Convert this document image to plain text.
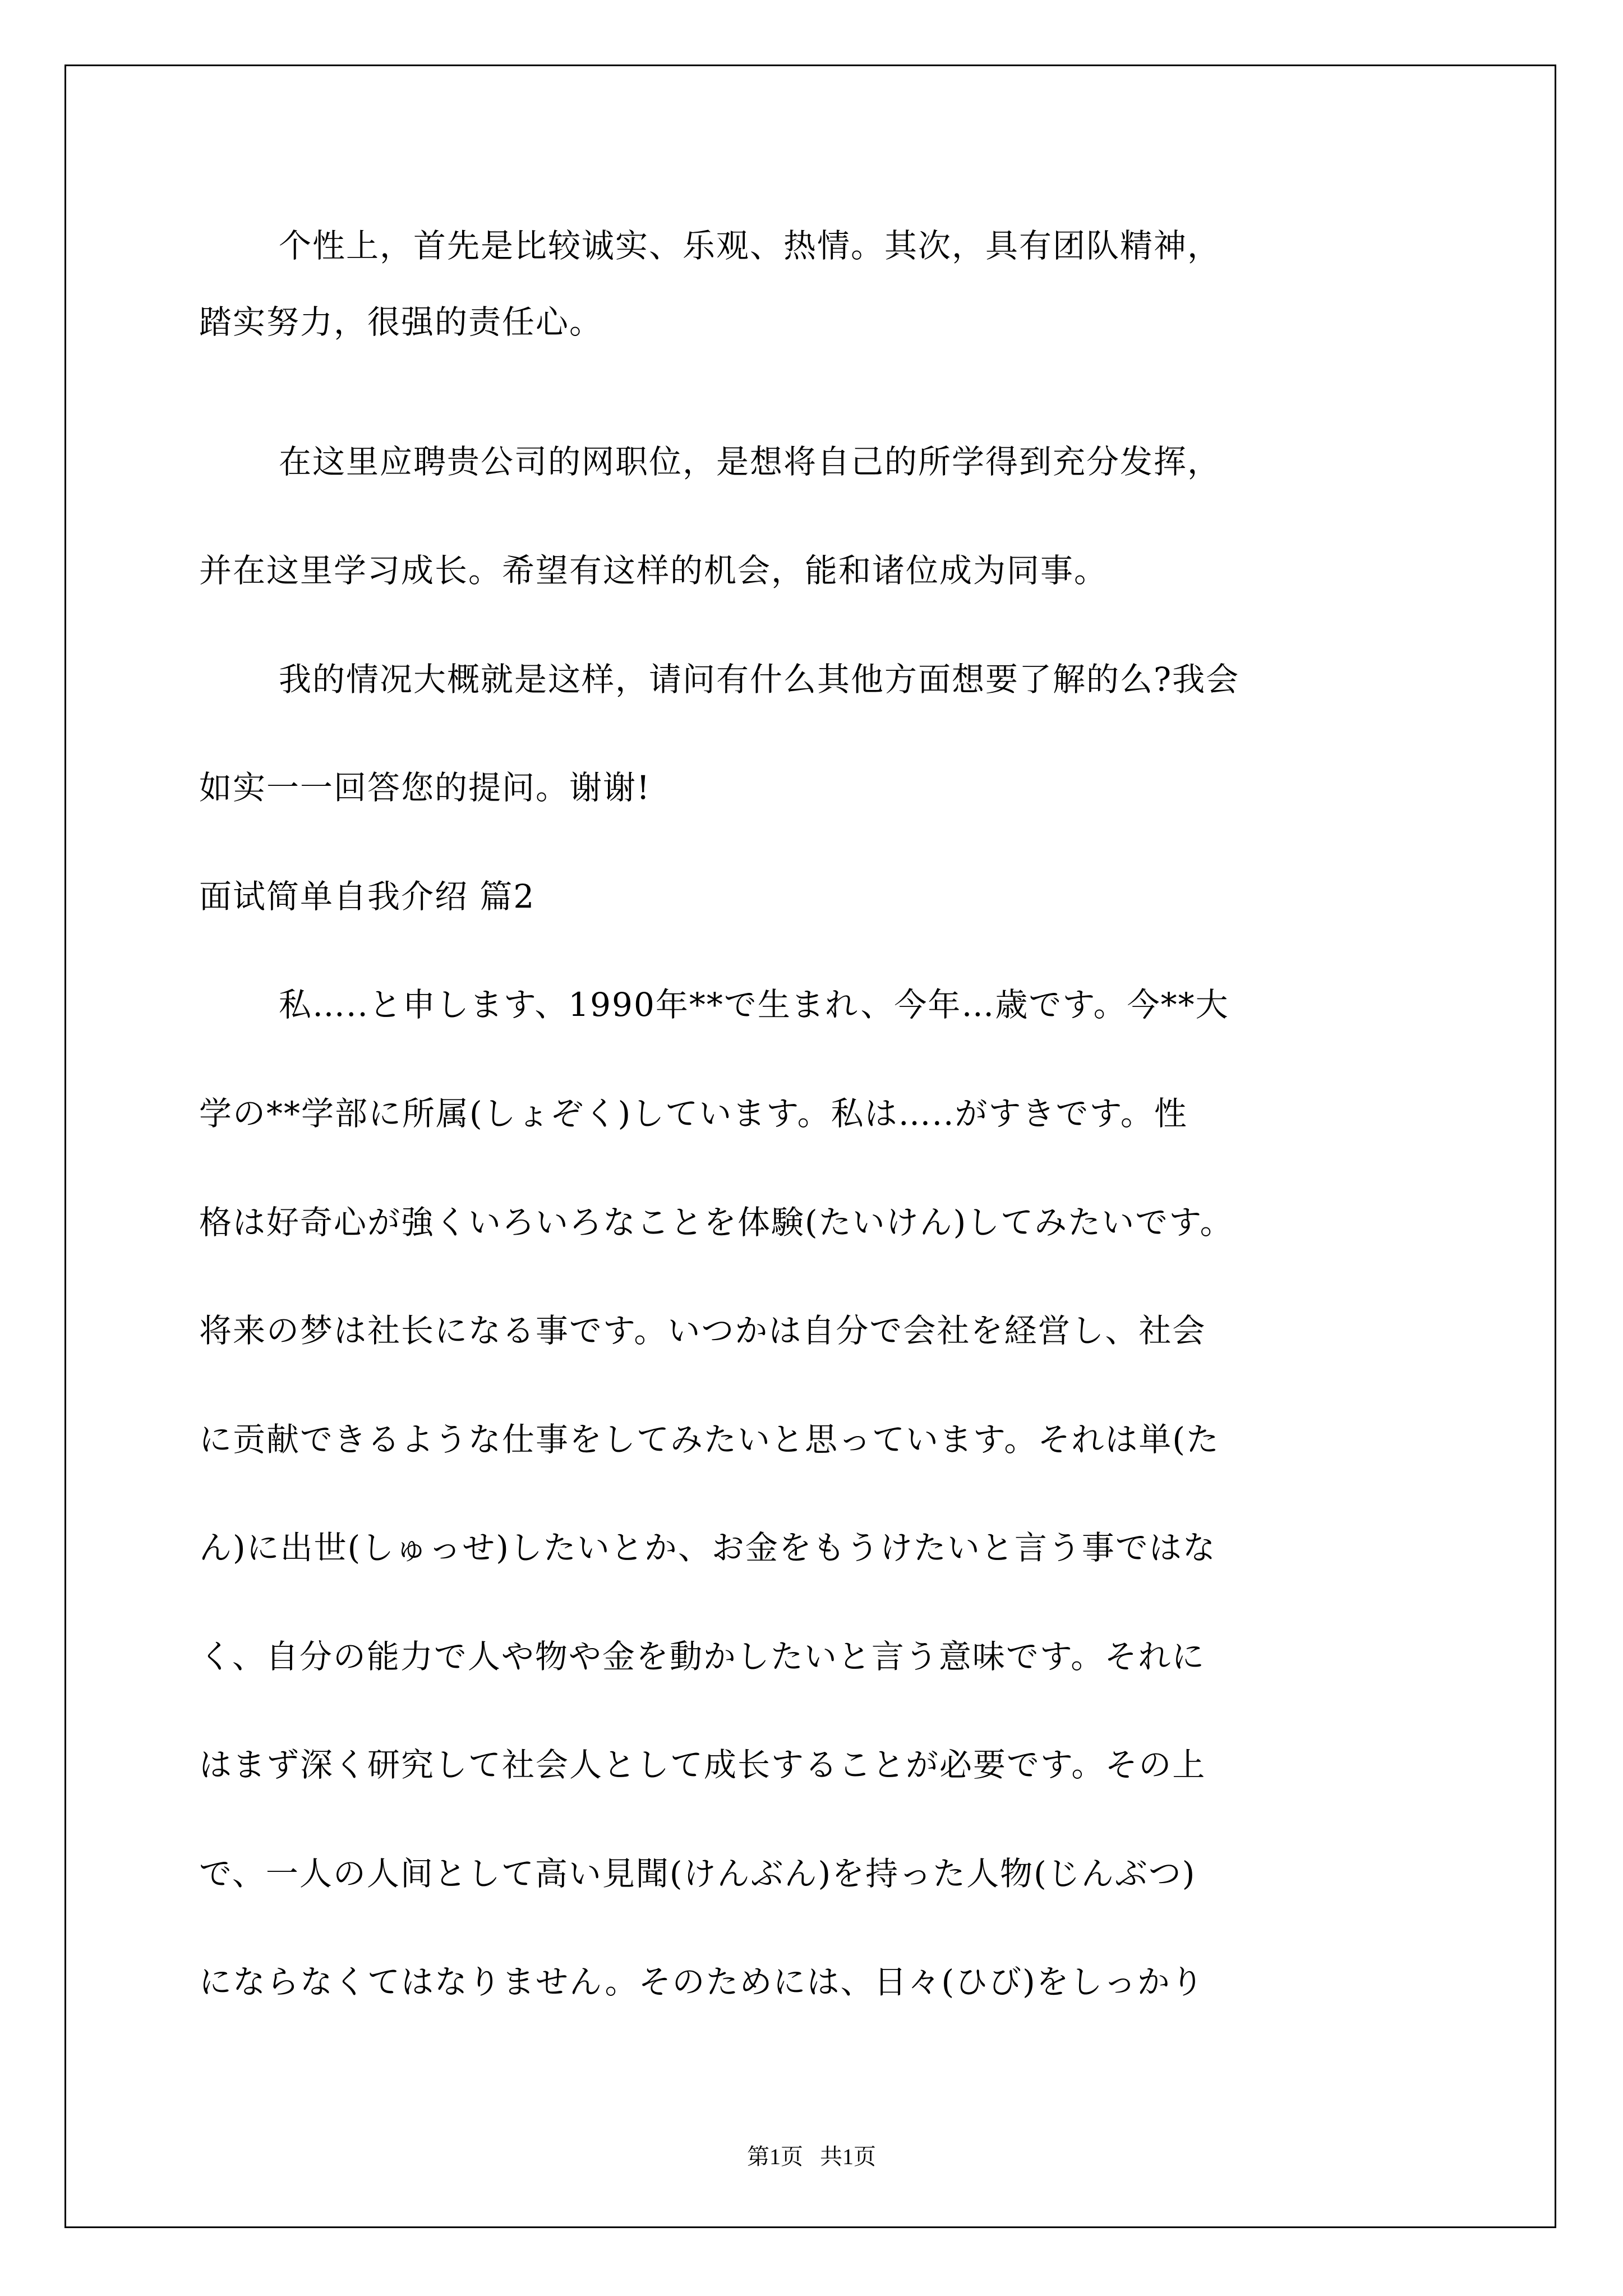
个性上，首先是比较诚实、乐观、热情。其次，具有团队精神，
踏实努力，很强的责任心。
在这里应聘贵公司的网职位，是想将自己的所学得到充分发挥，
并在这里学习成长。希望有这样的机会，能和诸位成为同事。
我的情况大概就是这样，请问有什么其他方面想要了解的么?我会
如实一一回答您的提问。谢谢!
面试简单自我介绍 篇2
私…..と申します、1990年**で生まれ、今年…歳です。今**大
学の**学部に所属(しょぞく)しています。私は…..がすきです。性
格は好奇心が強くいろいろなことを体験(たいけん)してみたいです。
将来の梦は社长になる事です。いつかは自分で会社を経営し、社会
に贡献できるような仕事をしてみたいと思っています。それは単(た
ん)に出世(しゅっせ)したいとか、お金をもうけたいと言う事ではな
く、自分の能力で人や物や金を動かしたいと言う意味です。それに
はまず深く研究して社会人として成长することが必要です。その上
で、一人の人间として高い見聞(けんぶん)を持った人物(じんぶつ)
にならなくてはなりません。そのためには、日々(ひび)をしっかり
第1页   共1页
